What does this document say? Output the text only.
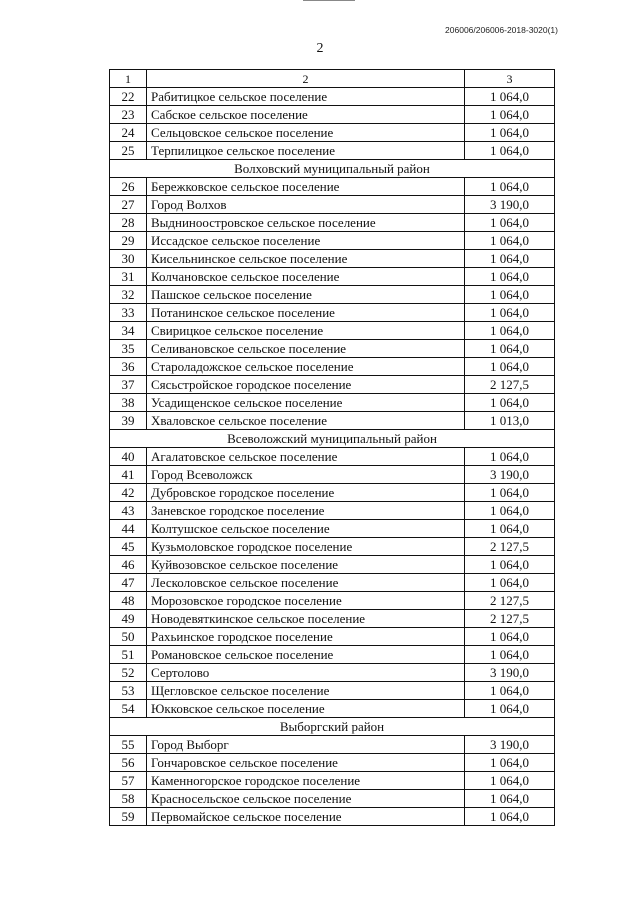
206006/206006-2018-3020(1)
2
1	2	3
22	Рабитицкое сельское поселение	1 064,0
23	Сабское сельское поселение	1 064,0
24	Сельцовское сельское поселение	1 064,0
25	Терпилицкое сельское поселение	1 064,0
Волховский муниципальный район		
26	Бережковское сельское поселение	1 064,0
27	Город Волхов	3 190,0
28	Выдниноостровское сельское поселение	1 064,0
29	Иссадское сельское поселение	1 064,0
30	Кисельнинское сельское поселение	1 064,0
31	Колчановское сельское поселение	1 064,0
32	Пашское сельское поселение	1 064,0
33	Потанинское сельское поселение	1 064,0
34	Свирицкое сельское поселение	1 064,0
35	Селивановское сельское поселение	1 064,0
36	Староладожское сельское поселение	1 064,0
37	Сясьстройское городское поселение	2 127,5
38	Усадищенское сельское поселение	1 064,0
39	Хваловское сельское поселение	1 013,0
Всеволожский муниципальный район		
40	Агалатовское сельское поселение	1 064,0
41	Город Всеволожск	3 190,0
42	Дубровское городское поселение	1 064,0
43	Заневское городское поселение	1 064,0
44	Колтушское сельское поселение	1 064,0
45	Кузьмоловское городское поселение	2 127,5
46	Куйвозовское сельское поселение	1 064,0
47	Лесколовское сельское поселение	1 064,0
48	Морозовское городское поселение	2 127,5
49	Новодевяткинское сельское поселение	2 127,5
50	Рахьинское городское поселение	1 064,0
51	Романовское сельское поселение	1 064,0
52	Сертолово	3 190,0
53	Щегловское сельское поселение	1 064,0
54	Юкковское сельское поселение	1 064,0
Выборгский район		
55	Город Выборг	3 190,0
56	Гончаровское сельское поселение	1 064,0
57	Каменногорское городское поселение	1 064,0
58	Красносельское сельское поселение	1 064,0
59	Первомайское сельское поселение	1 064,0
